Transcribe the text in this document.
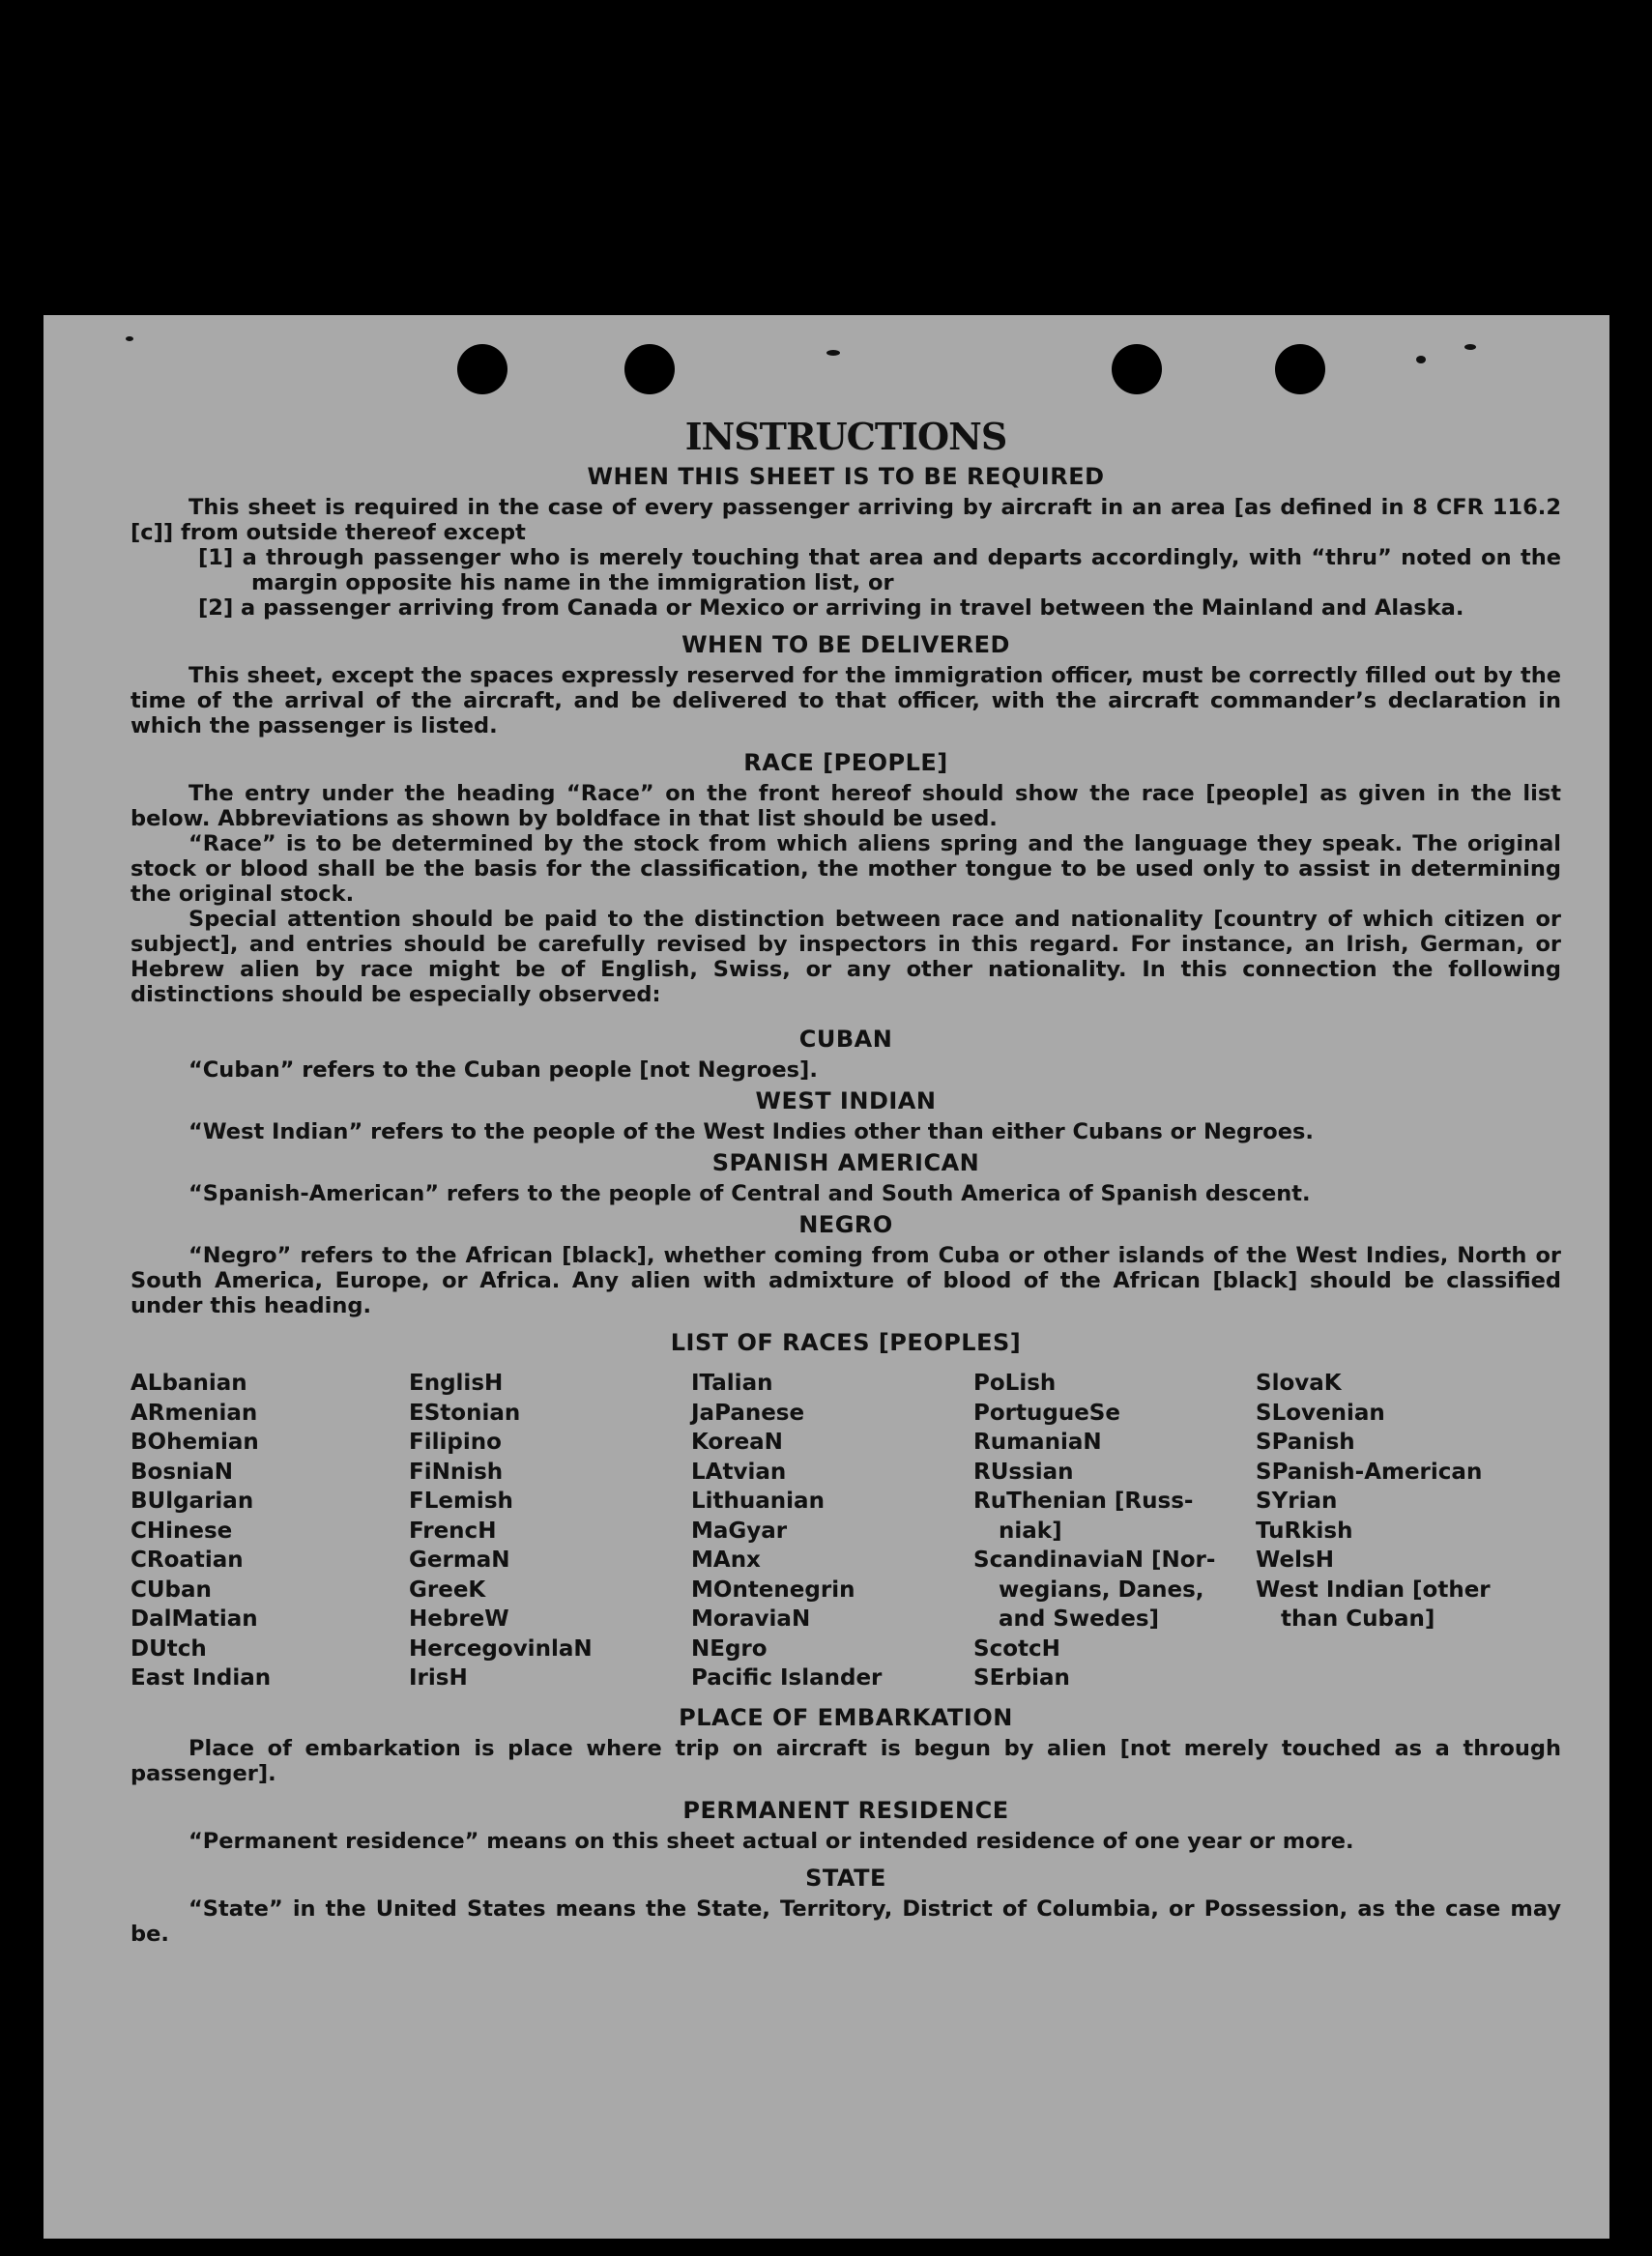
INSTRUCTIONS
WHEN THIS SHEET IS TO BE REQUIRED

This sheet is required in the case of every passenger arriving by aircraft in an area [as defined in 8 CFR 116.2 [c]] from outside thereof except

[1] a through passenger who is merely touching that area and departs accordingly, with “thru” noted on the margin opposite his name in the immigration list, or

[2] a passenger arriving from Canada or Mexico or arriving in travel between the Mainland and Alaska.

WHEN TO BE DELIVERED

This sheet, except the spaces expressly reserved for the immigration officer, must be correctly filled out by the time of the arrival of the aircraft, and be delivered to that officer, with the aircraft commander’s declaration in which the passenger is listed.

RACE [PEOPLE]

The entry under the heading “Race” on the front hereof should show the race [people] as given in the list below. Abbreviations as shown by boldface in that list should be used.

“Race” is to be determined by the stock from which aliens spring and the language they speak. The original stock or blood shall be the basis for the classification, the mother tongue to be used only to assist in determining the original stock.

Special attention should be paid to the distinction between race and nationality [country of which citizen or subject], and entries should be carefully revised by inspectors in this regard. For instance, an Irish, German, or Hebrew alien by race might be of English, Swiss, or any other nationality. In this connection the following distinctions should be especially observed:

CUBAN

“Cuban” refers to the Cuban people [not Negroes].

WEST INDIAN

“West Indian” refers to the people of the West Indies other than either Cubans or Negroes.

SPANISH AMERICAN

“Spanish-American” refers to the people of Central and South America of Spanish descent.

NEGRO

“Negro” refers to the African [black], whether coming from Cuba or other islands of the West Indies, North or South America, Europe, or Africa. Any alien with admixture of blood of the African [black] should be classified under this heading.

LIST OF RACES [PEOPLES]
ALbanian
ARmenian
BOhemian
BosniaN
BUlgarian
CHinese
CRoatian
CUban
DalMatian
DUtch
East Indian
EnglisH
EStonian
Filipino
FiNnish
FLemish
FrencH
GermaN
GreeK
HebreW
HercegovinlaN
IrisH
ITalian
JaPanese
KoreaN
LAtvian
Lithuanian
MaGyar
MAnx
MOntenegrin
MoraviaN
NEgro
Pacific Islander
PoLish
PortugueSe
RumaniaN
RUssian
RuThenian [Russ-
niak]
ScandinaviaN [Nor-
wegians, Danes,
and Swedes]
ScotcH
SErbian
SlovaK
SLovenian
SPanish
SPanish-American
SYrian
TuRkish
WelsH
West Indian [other
than Cuban]
PLACE OF EMBARKATION

Place of embarkation is place where trip on aircraft is begun by alien [not merely touched as a through passenger].

PERMANENT RESIDENCE

“Permanent residence” means on this sheet actual or intended residence of one year or more.

STATE

“State” in the United States means the State, Territory, District of Columbia, or Possession, as the case may be.
